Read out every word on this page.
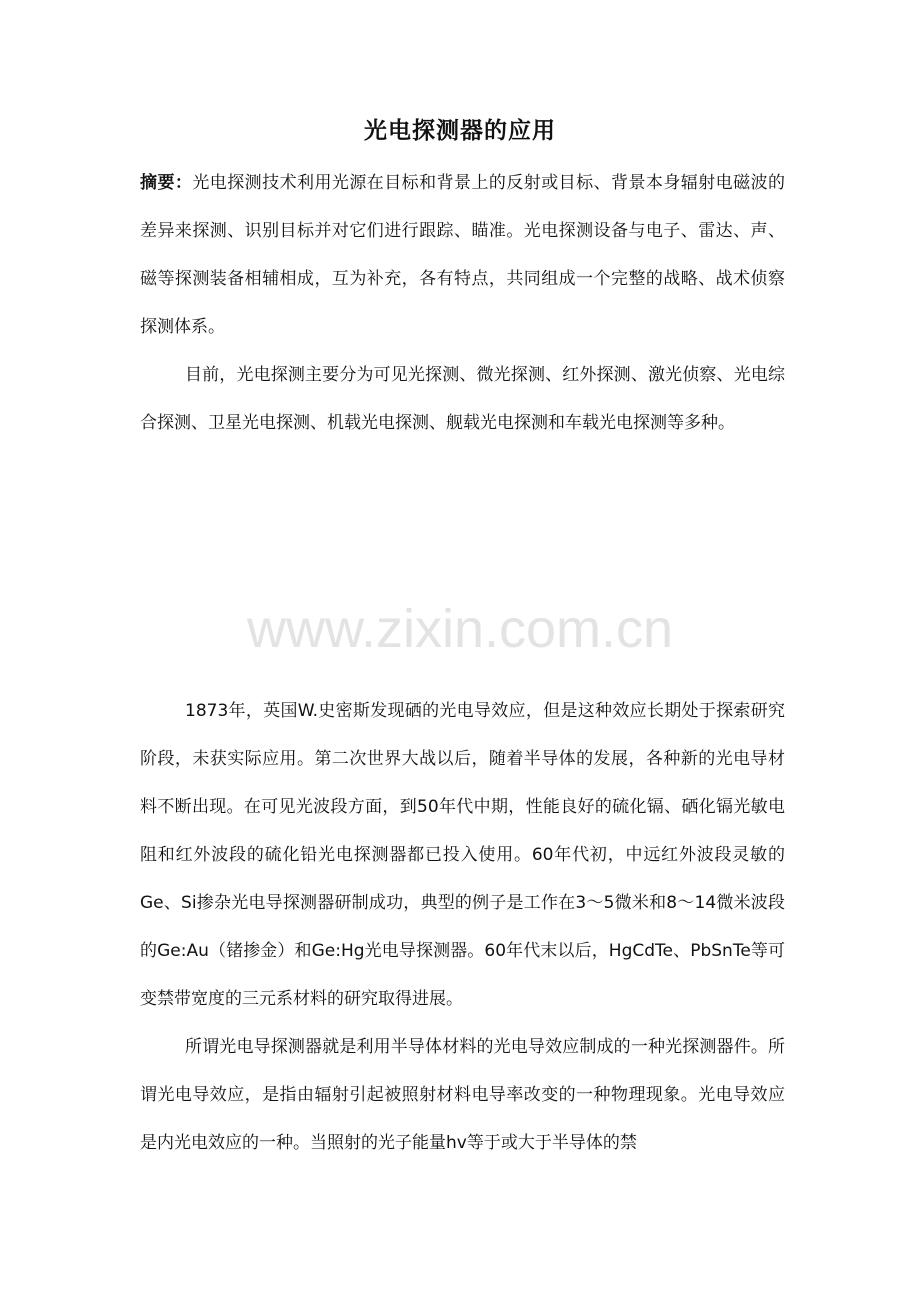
光电探测器的应用

摘要：光电探测技术利用光源在目标和背景上的反射或目标、背景本身辐射电磁波的差异来探测、识别目标并对它们进行跟踪、瞄准。光电探测设备与电子、雷达、声、磁等探测装备相辅相成，互为补充，各有特点，共同组成一个完整的战略、战术侦察探测体系。

目前，光电探测主要分为可见光探测、微光探测、红外探测、激光侦察、光电综合探测、卫星光电探测、机载光电探测、舰载光电探测和车载光电探测等多种。

www.zixin.com.cn

1873年，英国W.史密斯发现硒的光电导效应，但是这种效应长期处于探索研究阶段，未获实际应用。第二次世界大战以后，随着半导体的发展，各种新的光电导材料不断出现。在可见光波段方面，到50年代中期，性能良好的硫化镉、硒化镉光敏电阻和红外波段的硫化铅光电探测器都已投入使用。60年代初，中远红外波段灵敏的Ge、Si掺杂光电导探测器研制成功，典型的例子是工作在3～5微米和8～14微米波段的Ge:Au（锗掺金）和Ge:Hg光电导探测器。60年代末以后，HgCdTe、PbSnTe等可变禁带宽度的三元系材料的研究取得进展。

所谓光电导探测器就是利用半导体材料的光电导效应制成的一种光探测器件。所谓光电导效应，是指由辐射引起被照射材料电导率改变的一种物理现象。光电导效应是内光电效应的一种。当照射的光子能量hv等于或大于半导体的禁
